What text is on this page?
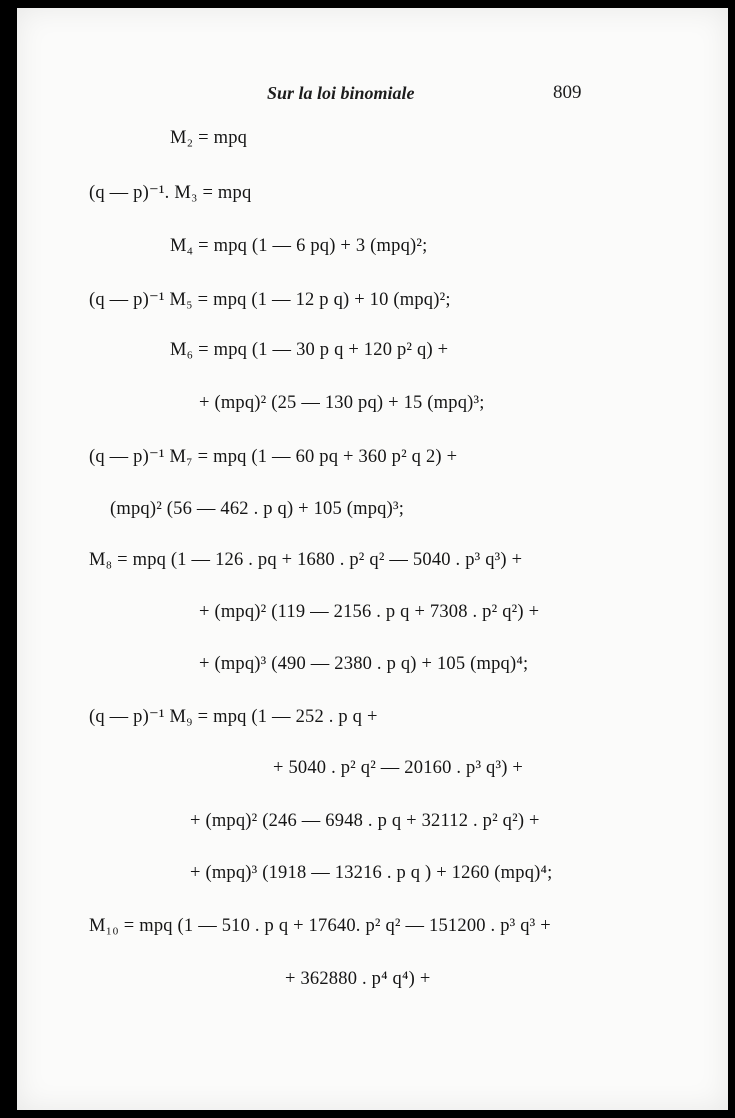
Sur la loi binomiale	809
M₂ = mpq
(q — p)⁻¹. M₃ = mpq
M₄ = mpq (1 — 6 pq) + 3 (mpq)²;
(q — p)⁻¹ M₅ = mpq (1 — 12 p q) + 10 (mpq)²;
M₆ = mpq (1 — 30 p q + 120 p² q) +
+ (mpq)² (25 — 130 pq) + 15 (mpq)³;
(q — p)⁻¹ M₇ = mpq (1 — 60 pq + 360 p² q 2) +
(mpq)² (56 — 462 . p q) + 105 (mpq)³;
M₈ = mpq (1 — 126 . pq + 1680 . p² q² — 5040 . p³ q³) +
+ (mpq)² (119 — 2156 . p q + 7308 . p² q²) +
+ (mpq)³ (490 — 2380 . p q) + 105 (mpq)⁴;
(q — p)⁻¹ M₉ = mpq (1 — 252 . p q +
+ 5040 . p² q² — 20160 . p³ q³) +
+ (mpq)² (246 — 6948 . p q + 32112 . p² q²) +
+ (mpq)³ (1918 — 13216 . p q ) + 1260 (mpq)⁴;
M₁₀ = mpq (1 — 510 . p q + 17640. p² q² — 151200 . p³ q³ +
+ 362880 . p⁴ q⁴) +
